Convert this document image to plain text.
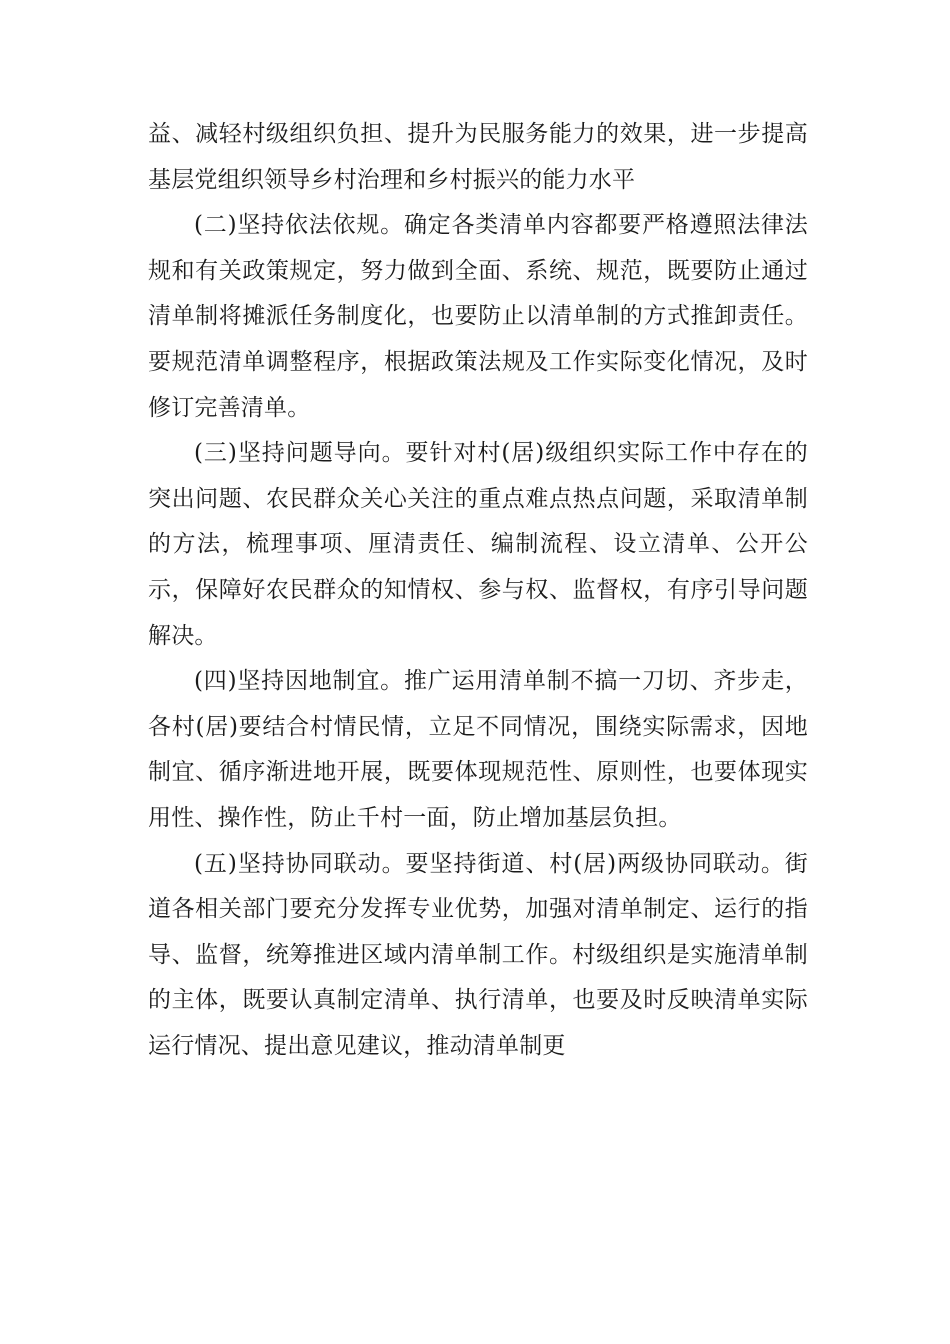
益、减轻村级组织负担、提升为民服务能力的效果，进一步提高基层党组织领导乡村治理和乡村振兴的能力水平

(二)坚持依法依规。确定各类清单内容都要严格遵照法律法规和有关政策规定，努力做到全面、系统、规范，既要防止通过清单制将摊派任务制度化，也要防止以清单制的方式推卸责任。要规范清单调整程序，根据政策法规及工作实际变化情况，及时修订完善清单。

(三)坚持问题导向。要针对村(居)级组织实际工作中存在的突出问题、农民群众关心关注的重点难点热点问题，采取清单制的方法，梳理事项、厘清责任、编制流程、设立清单、公开公示，保障好农民群众的知情权、参与权、监督权，有序引导问题解决。

(四)坚持因地制宜。推广运用清单制不搞一刀切、齐步走，各村(居)要结合村情民情，立足不同情况，围绕实际需求，因地制宜、循序渐进地开展，既要体现规范性、原则性，也要体现实用性、操作性，防止千村一面，防止增加基层负担。

(五)坚持协同联动。要坚持街道、村(居)两级协同联动。街道各相关部门要充分发挥专业优势，加强对清单制定、运行的指导、监督，统筹推进区域内清单制工作。村级组织是实施清单制的主体，既要认真制定清单、执行清单，也要及时反映清单实际运行情况、提出意见建议，推动清单制更
